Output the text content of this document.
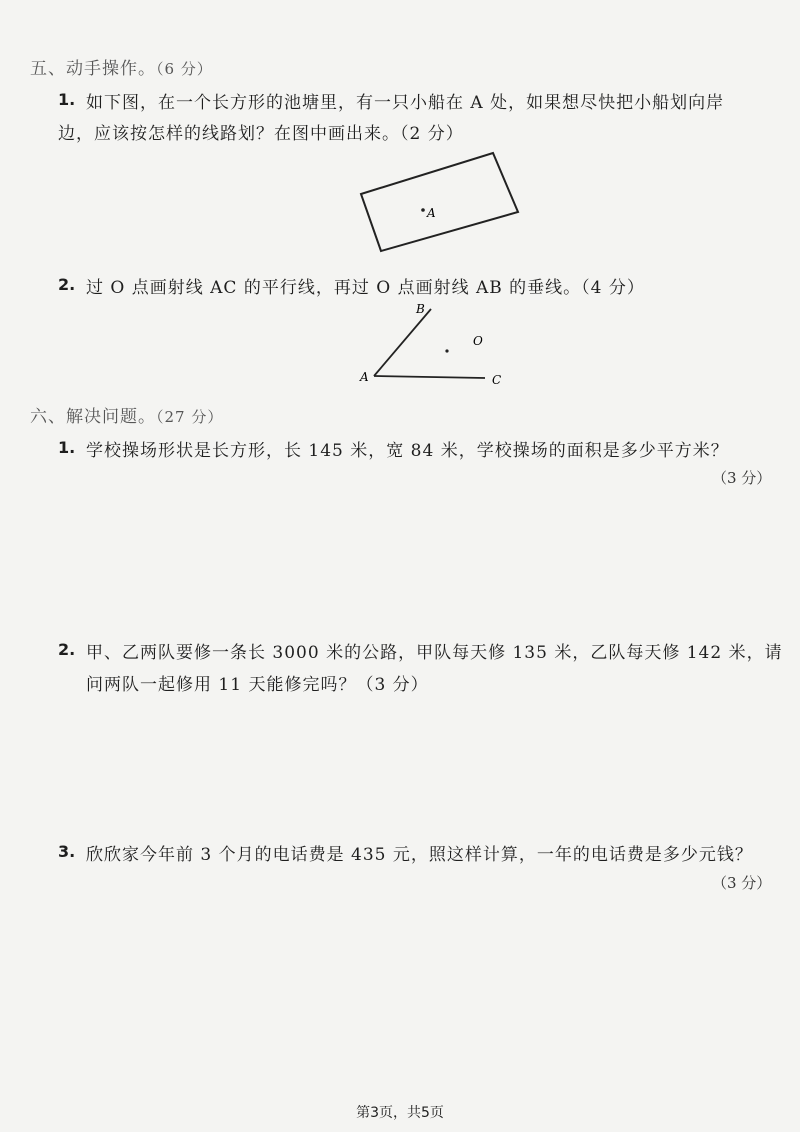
五、动手操作。（6 分）
1. 如下图，在一个长方形的池塘里，有一只小船在 A 处，如果想尽快把小船划向岸
边，应该按怎样的线路划？在图中画出来。（2 分）
A
2. 过 O 点画射线 AC 的平行线，再过 O 点画射线 AB 的垂线。（4 分）
B
O
A	C
六、解决问题。（27 分）
1. 学校操场形状是长方形，长 145 米，宽 84 米，学校操场的面积是多少平方米？
（3 分）
2. 甲、乙两队要修一条长 3000 米的公路，甲队每天修 135 米，乙队每天修 142 米，请
问两队一起修用 11 天能修完吗？（3 分）
3. 欣欣家今年前 3 个月的电话费是 435 元，照这样计算，一年的电话费是多少元钱？
（3 分）
第3页，共5页
